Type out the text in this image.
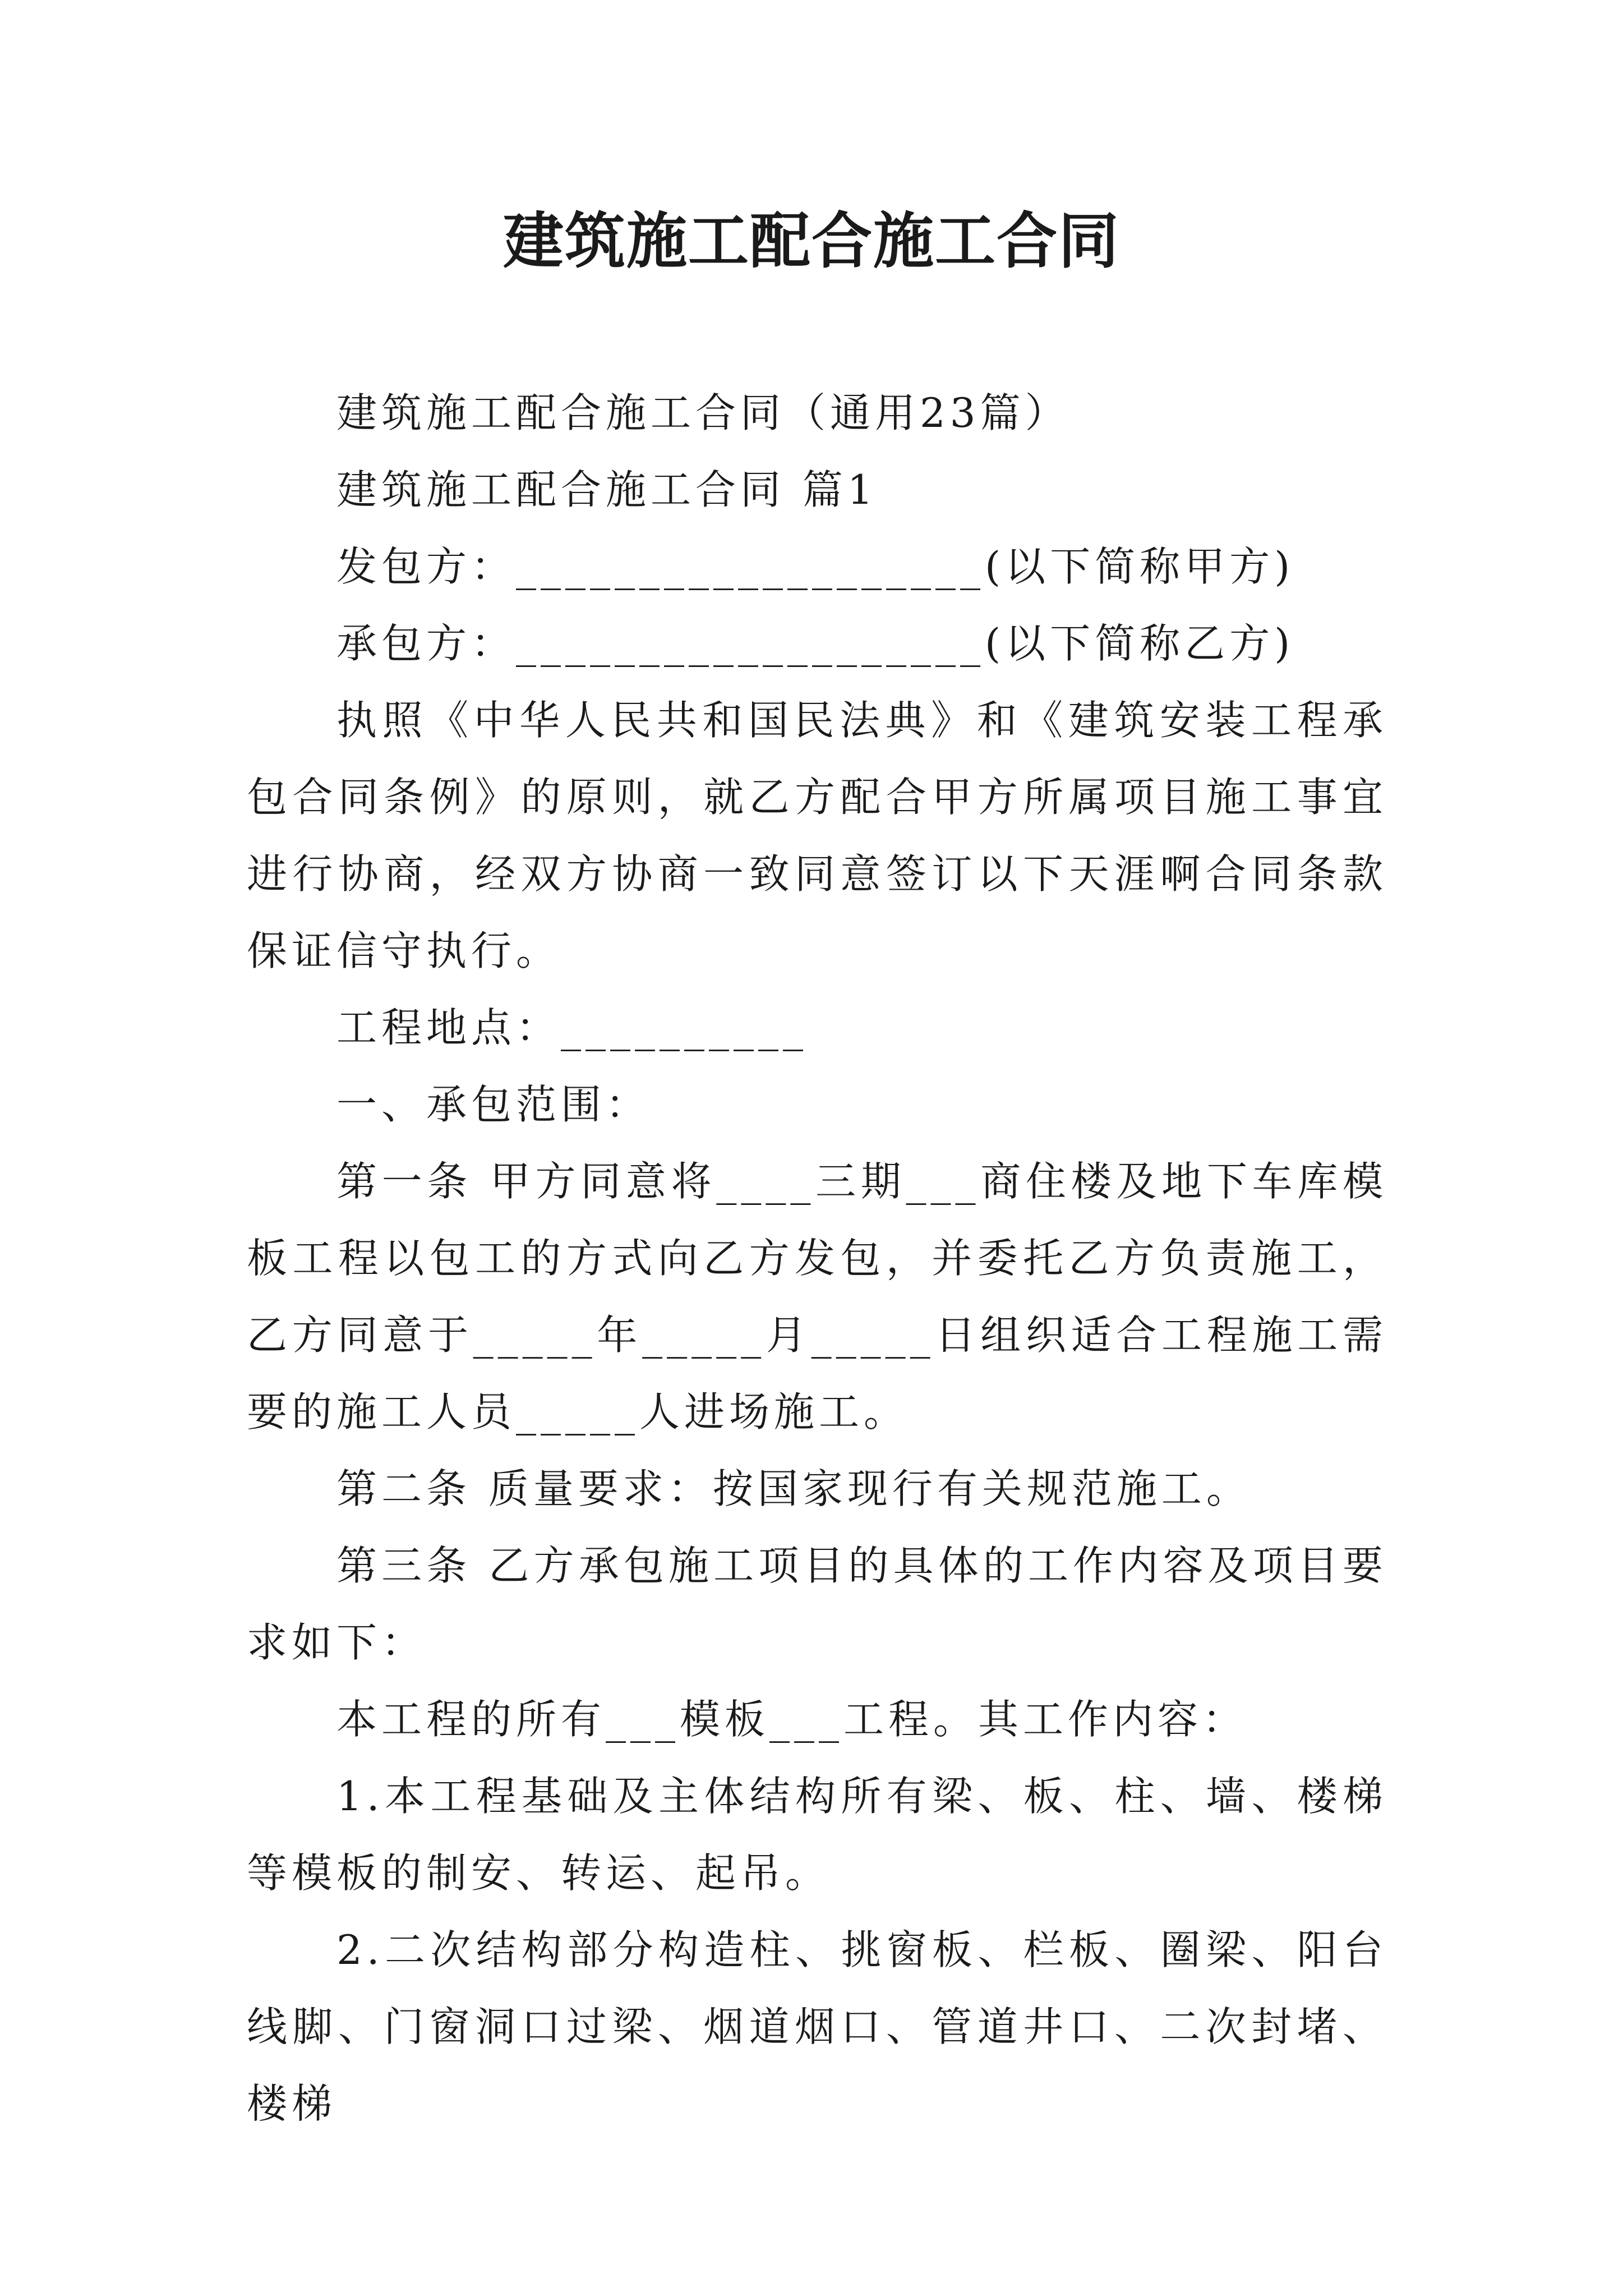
建筑施工配合施工合同

建筑施工配合施工合同（通用23篇）

建筑施工配合施工合同 篇1

发包方：___________________(以下简称甲方)

承包方：___________________(以下简称乙方)

执照《中华人民共和国民法典》和《建筑安装工程承包合同条例》的原则，就乙方配合甲方所属项目施工事宜进行协商，经双方协商一致同意签订以下天涯啊合同条款保证信守执行。

工程地点：__________

一、承包范围：

第一条 甲方同意将____三期___商住楼及地下车库模板工程以包工的方式向乙方发包，并委托乙方负责施工，乙方同意于_____年_____月_____日组织适合工程施工需要的施工人员_____人进场施工。

第二条 质量要求：按国家现行有关规范施工。

第三条 乙方承包施工项目的具体的工作内容及项目要求如下：

本工程的所有___模板___工程。其工作内容：

1.本工程基础及主体结构所有梁、板、柱、墙、楼梯等模板的制安、转运、起吊。

2.二次结构部分构造柱、挑窗板、栏板、圈梁、阳台线脚、门窗洞口过梁、烟道烟口、管道井口、二次封堵、楼梯
